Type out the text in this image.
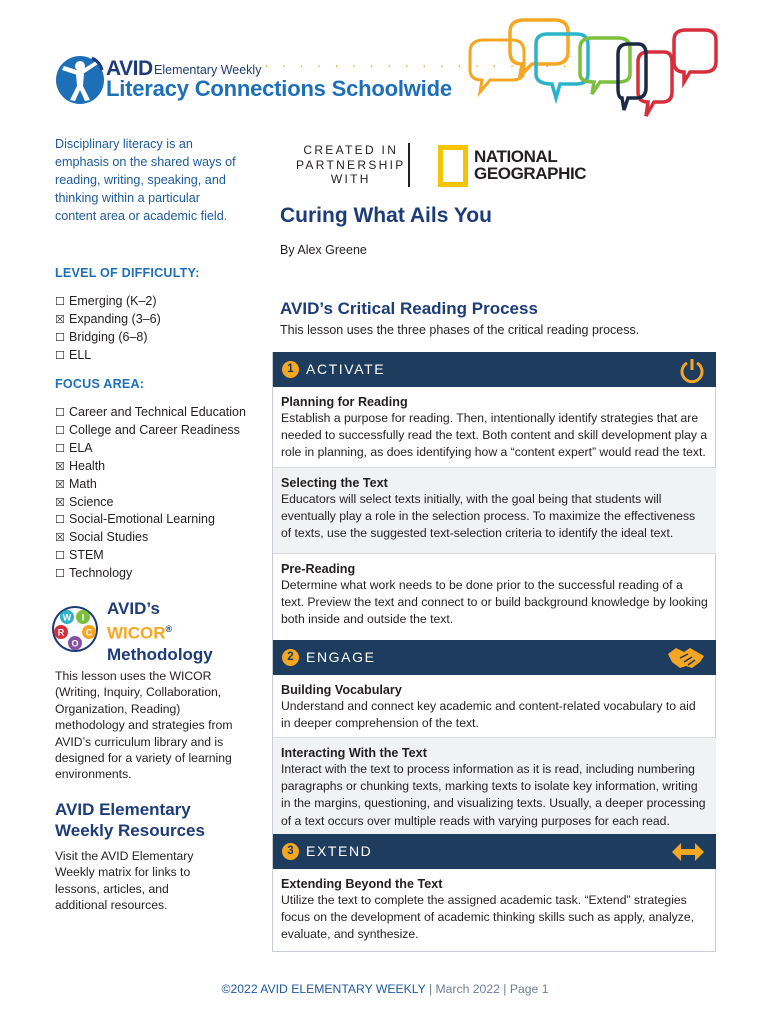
AVID Elementary Weekly · · · · · · · · · · · · · · · · · ·
Literacy Connections Schoolwide

Disciplinary literacy is an emphasis on the shared ways of reading, writing, speaking, and thinking within a particular content area or academic field.

LEVEL OF DIFFICULTY:
☐ Emerging (K–2)
☒ Expanding (3–6)
☐ Bridging (6–8)
☐ ELL
FOCUS AREA:
☐ Career and Technical Education
☐ College and Career Readiness
☐ ELA
☒ Health
☒ Math
☒ Science
☐ Social-Emotional Learning
☒ Social Studies
☐ STEM
☐ Technology
W I
C
O
R
AVID’s
WICOR®
Methodology

This lesson uses the WICOR (Writing, Inquiry, Collaboration, Organization, Reading) methodology and strategies from AVID’s curriculum library and is designed for a variety of learning environments.

AVID Elementary Weekly Resources

Visit the AVID Elementary Weekly matrix for links to lessons, articles, and additional resources.

CREATED IN
PARTNERSHIP
WITH
NATIONAL
GEOGRAPHIC
Curing What Ails You
By Alex Greene
AVID’s Critical Reading Process
This lesson uses the three phases of the critical reading process.
1 ACTIVATE
Planning for Reading
Establish a purpose for reading. Then, intentionally identify strategies that are needed to successfully read the text. Both content and skill development play a role in planning, as does identifying how a “content expert” would read the text.
Selecting the Text
Educators will select texts initially, with the goal being that students will eventually play a role in the selection process. To maximize the effectiveness of texts, use the suggested text-selection criteria to identify the ideal text.
Pre-Reading
Determine what work needs to be done prior to the successful reading of a text. Preview the text and connect to or build background knowledge by looking both inside and outside the text.
2 ENGAGE
Building Vocabulary
Understand and connect key academic and content-related vocabulary to aid in deeper comprehension of the text.
Interacting With the Text
Interact with the text to process information as it is read, including numbering paragraphs or chunking texts, marking texts to isolate key information, writing in the margins, questioning, and visualizing texts. Usually, a deeper processing of a text occurs over multiple reads with varying purposes for each read.
3 EXTEND
Extending Beyond the Text
Utilize the text to complete the assigned academic task. “Extend” strategies focus on the development of academic thinking skills such as apply, analyze, evaluate, and synthesize.
©2022 AVID ELEMENTARY WEEKLY | March 2022 | Page 1
